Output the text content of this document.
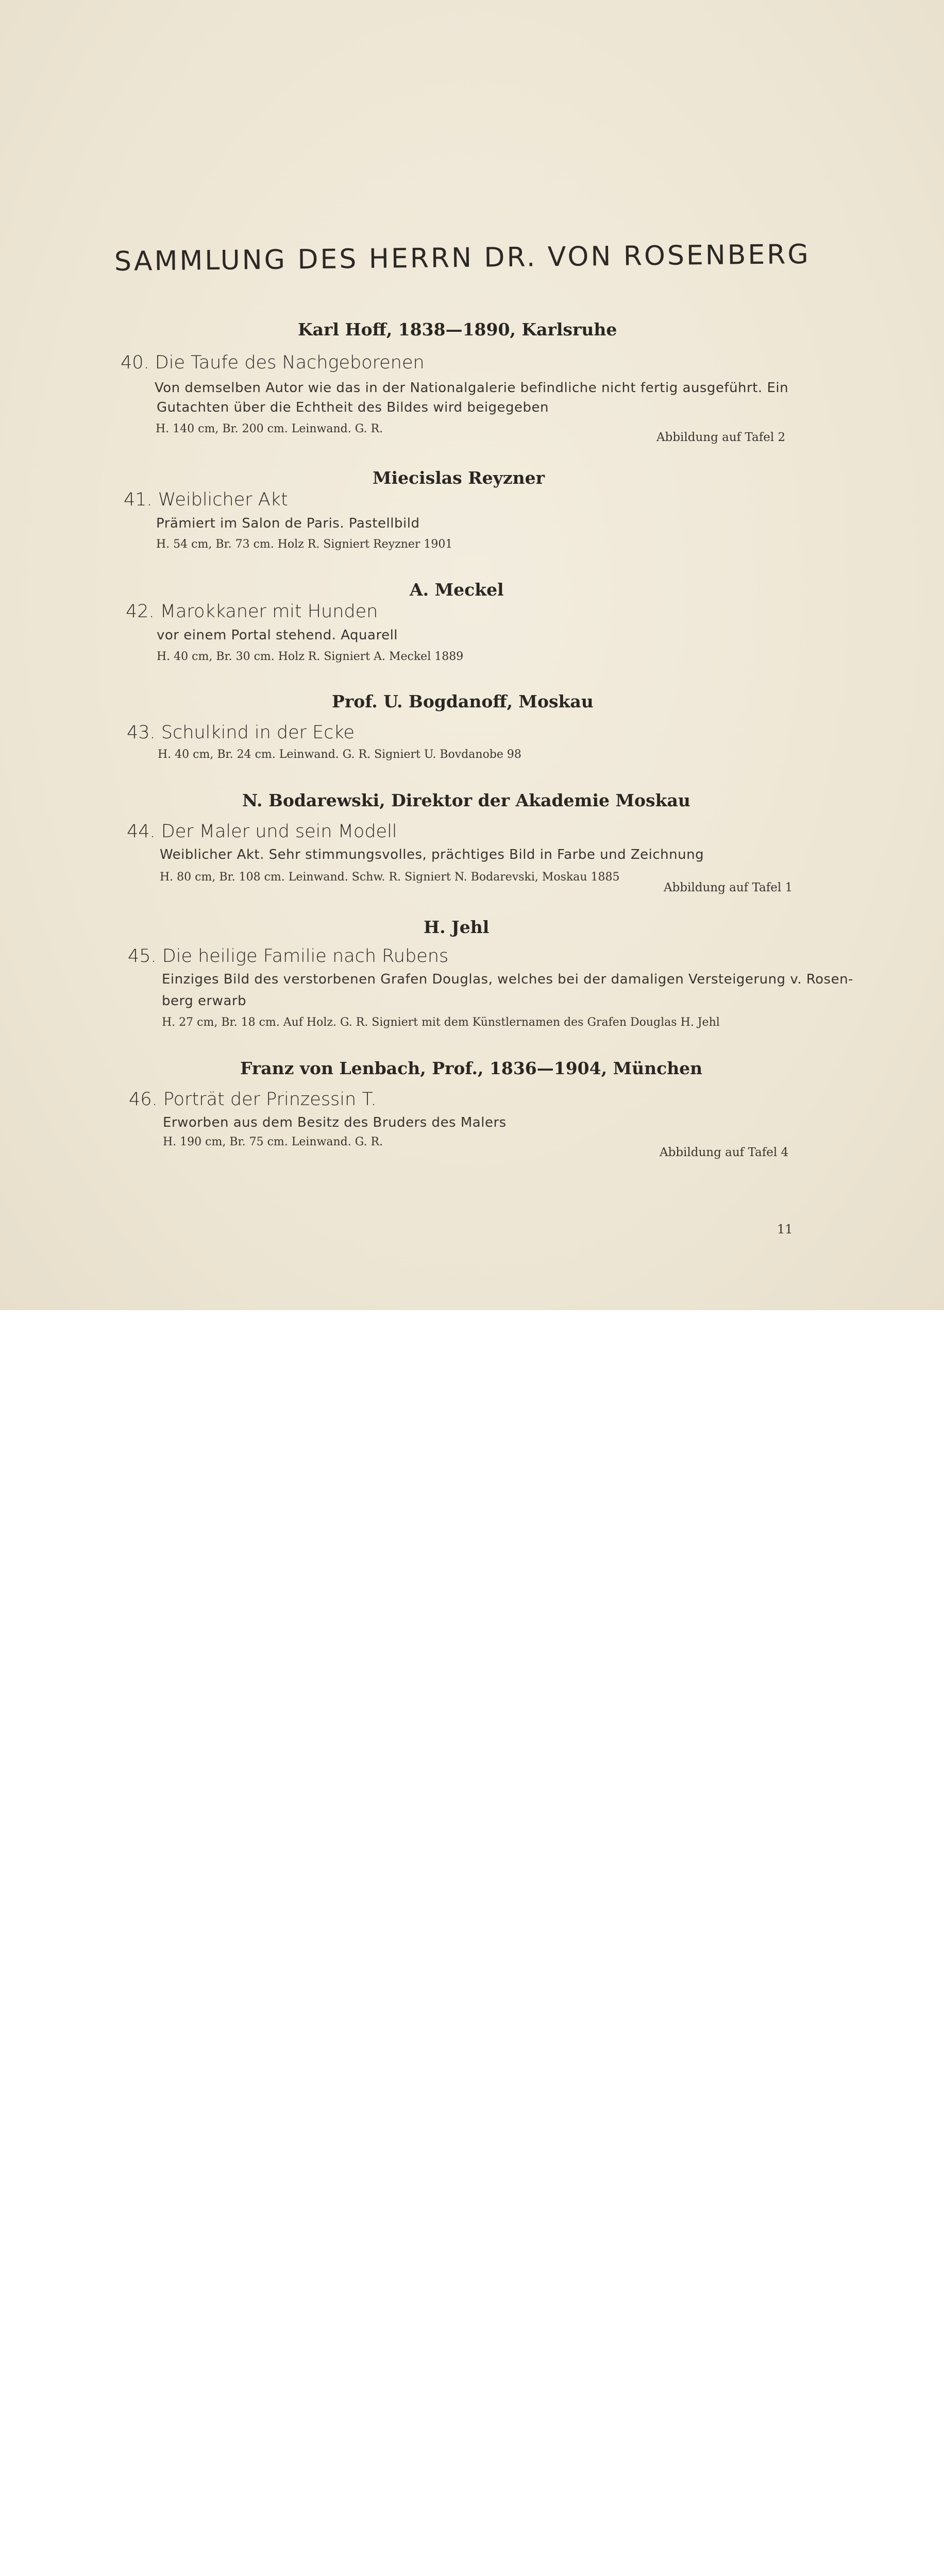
SAMMLUNG DES HERRN DR. VON ROSENBERG
Karl Hoff, 1838—1890, Karlsruhe
40. Die Taufe des Nachgeborenen
Von demselben Autor wie das in der Nationalgalerie befindliche nicht fertig ausgeführt. Ein
Gutachten über die Echtheit des Bildes wird beigegeben
H. 140 cm, Br. 200 cm. Leinwand. G. R.
Abbildung auf Tafel 2
Miecislas Reyzner
41. Weiblicher Akt
Prämiert im Salon de Paris. Pastellbild
H. 54 cm, Br. 73 cm. Holz R. Signiert Reyzner 1901
A. Meckel
42. Marokkaner mit Hunden
vor einem Portal stehend. Aquarell
H. 40 cm, Br. 30 cm. Holz R. Signiert A. Meckel 1889
Prof. U. Bogdanoff, Moskau
43. Schulkind in der Ecke
H. 40 cm, Br. 24 cm. Leinwand. G. R. Signiert U. Bovdanobe 98
N. Bodarewski, Direktor der Akademie Moskau
44. Der Maler und sein Modell
Weiblicher Akt. Sehr stimmungsvolles, prächtiges Bild in Farbe und Zeichnung
H. 80 cm, Br. 108 cm. Leinwand. Schw. R. Signiert N. Bodarevski, Moskau 1885
Abbildung auf Tafel 1
H. Jehl
45. Die heilige Familie nach Rubens
Einziges Bild des verstorbenen Grafen Douglas, welches bei der damaligen Versteigerung v. Rosen-
berg erwarb
H. 27 cm, Br. 18 cm. Auf Holz. G. R. Signiert mit dem Künstlernamen des Grafen Douglas H. Jehl
Franz von Lenbach, Prof., 1836—1904, München
46. Porträt der Prinzessin T.
Erworben aus dem Besitz des Bruders des Malers
H. 190 cm, Br. 75 cm. Leinwand. G. R.
Abbildung auf Tafel 4
11
